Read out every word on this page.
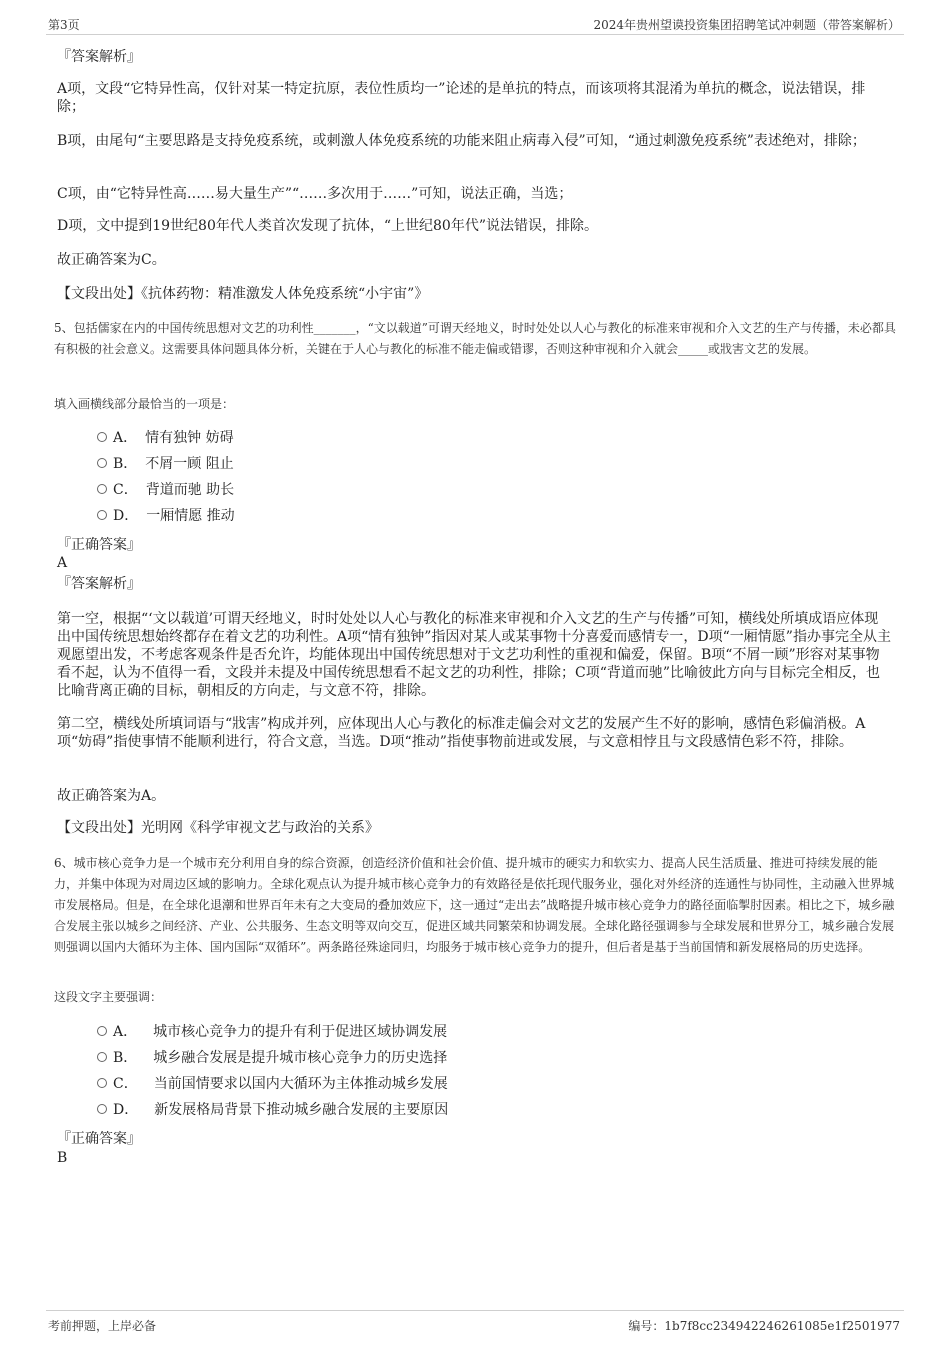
第3页	2024年贵州望谟投资集团招聘笔试冲刺题（带答案解析）

『答案解析』

A项，文段“它特异性高，仅针对某一特定抗原，表位性质均一”论述的是单抗的特点，而该项将其混淆为单抗的概念，说法错误，排除；

B项，由尾句“主要思路是支持免疫系统，或刺激人体免疫系统的功能来阻止病毒入侵”可知，“通过刺激免疫系统”表述绝对，排除；

C项，由“它特异性高……易大量生产”“……多次用于……”可知，说法正确，当选；

D项，文中提到19世纪80年代人类首次发现了抗体，“上世纪80年代”说法错误，排除。

故正确答案为C。

【文段出处】《抗体药物：精准激发人体免疫系统“小宇宙”》

5、包括儒家在内的中国传统思想对文艺的功利性_______，“文以载道”可谓天经地义，时时处处以人心与教化的标准来审视和介入文艺的生产与传播，未必都具有积极的社会意义。这需要具体问题具体分析，关键在于人心与教化的标准不能走偏或错谬，否则这种审视和介入就会_____或戕害文艺的发展。

填入画横线部分最恰当的一项是：

A． 情有独钟 妨碍
B． 不屑一顾 阻止
C． 背道而驰 助长
D． 一厢情愿 推动

『正确答案』

A

『答案解析』

第一空，根据“‘文以载道’可谓天经地义，时时处处以人心与教化的标准来审视和介入文艺的生产与传播”可知，横线处所填成语应体现出中国传统思想始终都存在着文艺的功利性。A项“情有独钟”指因对某人或某事物十分喜爱而感情专一，D项“一厢情愿”指办事完全从主观愿望出发，不考虑客观条件是否允许，均能体现出中国传统思想对于文艺功利性的重视和偏爱，保留。B项“不屑一顾”形容对某事物看不起，认为不值得一看，文段并未提及中国传统思想看不起文艺的功利性，排除；C项“背道而驰”比喻彼此方向与目标完全相反，也比喻背离正确的目标，朝相反的方向走，与文意不符，排除。

第二空，横线处所填词语与“戕害”构成并列，应体现出人心与教化的标准走偏会对文艺的发展产生不好的影响，感情色彩偏消极。A项“妨碍”指使事情不能顺利进行，符合文意，当选。D项“推动”指使事物前进或发展，与文意相悖且与文段感情色彩不符，排除。

故正确答案为A。

【文段出处】光明网《科学审视文艺与政治的关系》

6、城市核心竞争力是一个城市充分利用自身的综合资源，创造经济价值和社会价值、提升城市的硬实力和软实力、提高人民生活质量、推进可持续发展的能力，并集中体现为对周边区域的影响力。全球化观点认为提升城市核心竞争力的有效路径是依托现代服务业，强化对外经济的连通性与协同性，主动融入世界城市发展格局。但是，在全球化退潮和世界百年未有之大变局的叠加效应下，这一通过“走出去”战略提升城市核心竞争力的路径面临掣肘因素。相比之下，城乡融合发展主张以城乡之间经济、产业、公共服务、生态文明等双向交互，促进区域共同繁荣和协调发展。全球化路径强调参与全球发展和世界分工，城乡融合发展则强调以国内大循环为主体、国内国际“双循环”。两条路径殊途同归，均服务于城市核心竞争力的提升，但后者是基于当前国情和新发展格局的历史选择。

这段文字主要强调：

A． 城市核心竞争力的提升有利于促进区域协调发展
B． 城乡融合发展是提升城市核心竞争力的历史选择
C． 当前国情要求以国内大循环为主体推动城乡发展
D． 新发展格局背景下推动城乡融合发展的主要原因

『正确答案』

B

考前押题，上岸必备	编号：1b7f8cc234942246261085e1f2501977
